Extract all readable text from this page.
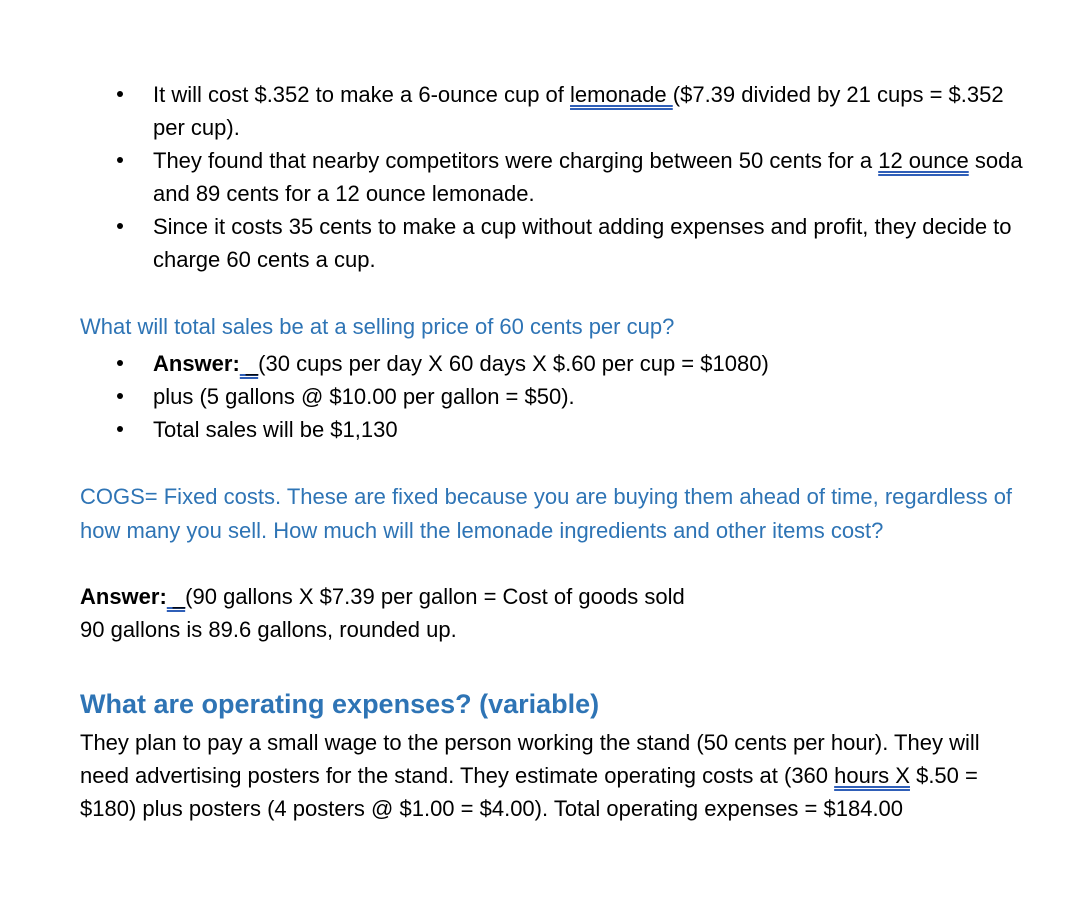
It will cost $.352 to make a 6-ounce cup of lemonade ($7.39 divided by 21 cups = $.352 per cup).
They found that nearby competitors were charging between 50 cents for a 12 ounce soda and 89 cents for a 12 ounce lemonade.
Since it costs 35 cents to make a cup without adding expenses and profit, they decide to charge 60 cents a cup.
What will total sales be at a selling price of 60 cents per cup?
Answer: _(30 cups per day X 60 days X $.60 per cup = $1080)
plus (5 gallons @ $10.00 per gallon = $50).
Total sales will be $1,130
COGS= Fixed costs. These are fixed because you are buying them ahead of time, regardless of how many you sell. How much will the lemonade ingredients and other items cost?
Answer: _(90 gallons X $7.39 per gallon = Cost of goods sold
90 gallons is 89.6 gallons, rounded up.
What are operating expenses? (variable)
They plan to pay a small wage to the person working the stand (50 cents per hour). They will need advertising posters for the stand. They estimate operating costs at (360 hours X $.50 = $180) plus posters (4 posters @ $1.00 = $4.00). Total operating expenses = $184.00
